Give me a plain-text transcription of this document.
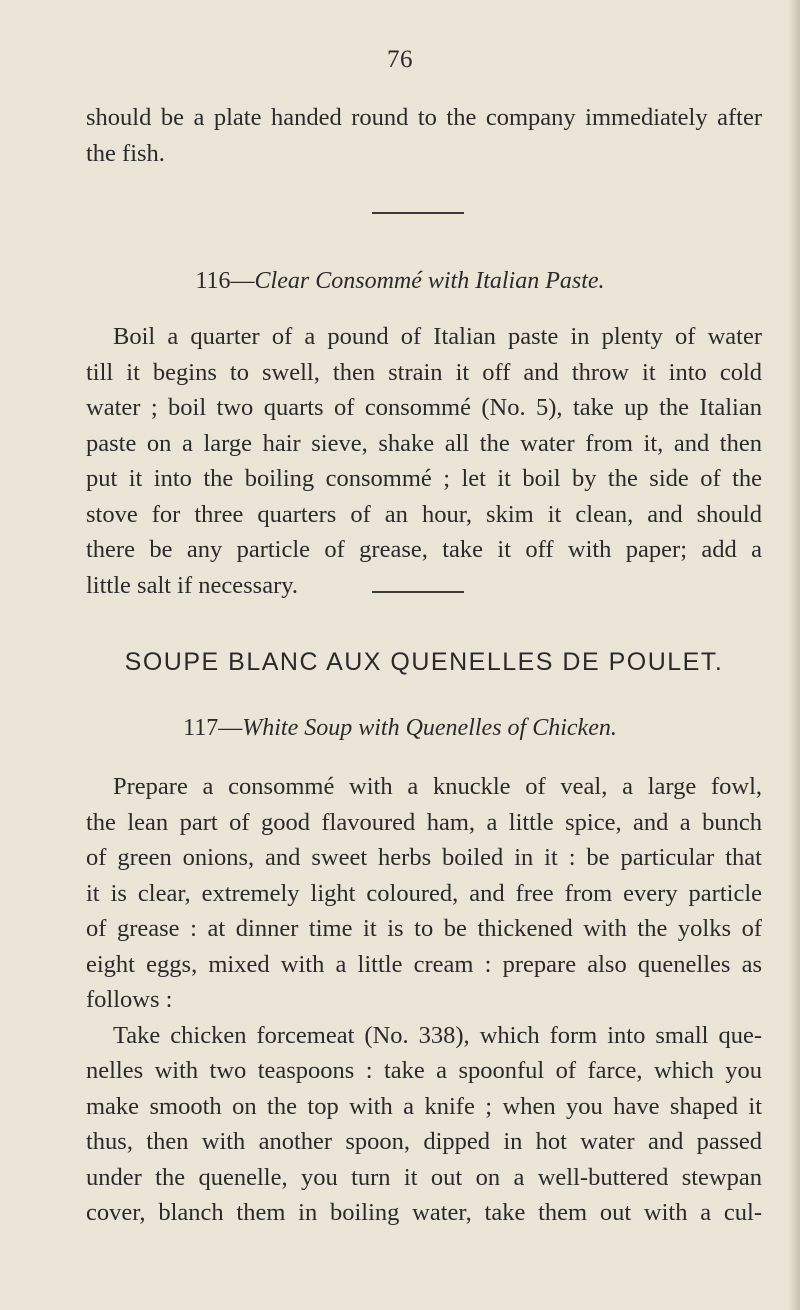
76
should be a plate handed round to the company immediately after
the fish.
116—Clear Consommé with Italian Paste.
Boil a quarter of a pound of Italian paste in plenty of water
till it begins to swell, then strain it off and throw it into cold
water ; boil two quarts of consommé (No. 5), take up the Italian
paste on a large hair sieve, shake all the water from it, and then
put it into the boiling consommé ; let it boil by the side of the
stove for three quarters of an hour, skim it clean, and should
there be any particle of grease, take it off with paper; add a
little salt if necessary.
SOUPE BLANC AUX QUENELLES DE POULET.
117—White Soup with Quenelles of Chicken.
Prepare a consommé with a knuckle of veal, a large fowl,
the lean part of good flavoured ham, a little spice, and a bunch
of green onions, and sweet herbs boiled in it : be particular that
it is clear, extremely light coloured, and free from every particle
of grease : at dinner time it is to be thickened with the yolks of
eight eggs, mixed with a little cream : prepare also quenelles as
follows :
Take chicken forcemeat (No. 338), which form into small que-
nelles with two teaspoons : take a spoonful of farce, which you
make smooth on the top with a knife ; when you have shaped it
thus, then with another spoon, dipped in hot water and passed
under the quenelle, you turn it out on a well-buttered stewpan
cover, blanch them in boiling water, take them out with a cul-
